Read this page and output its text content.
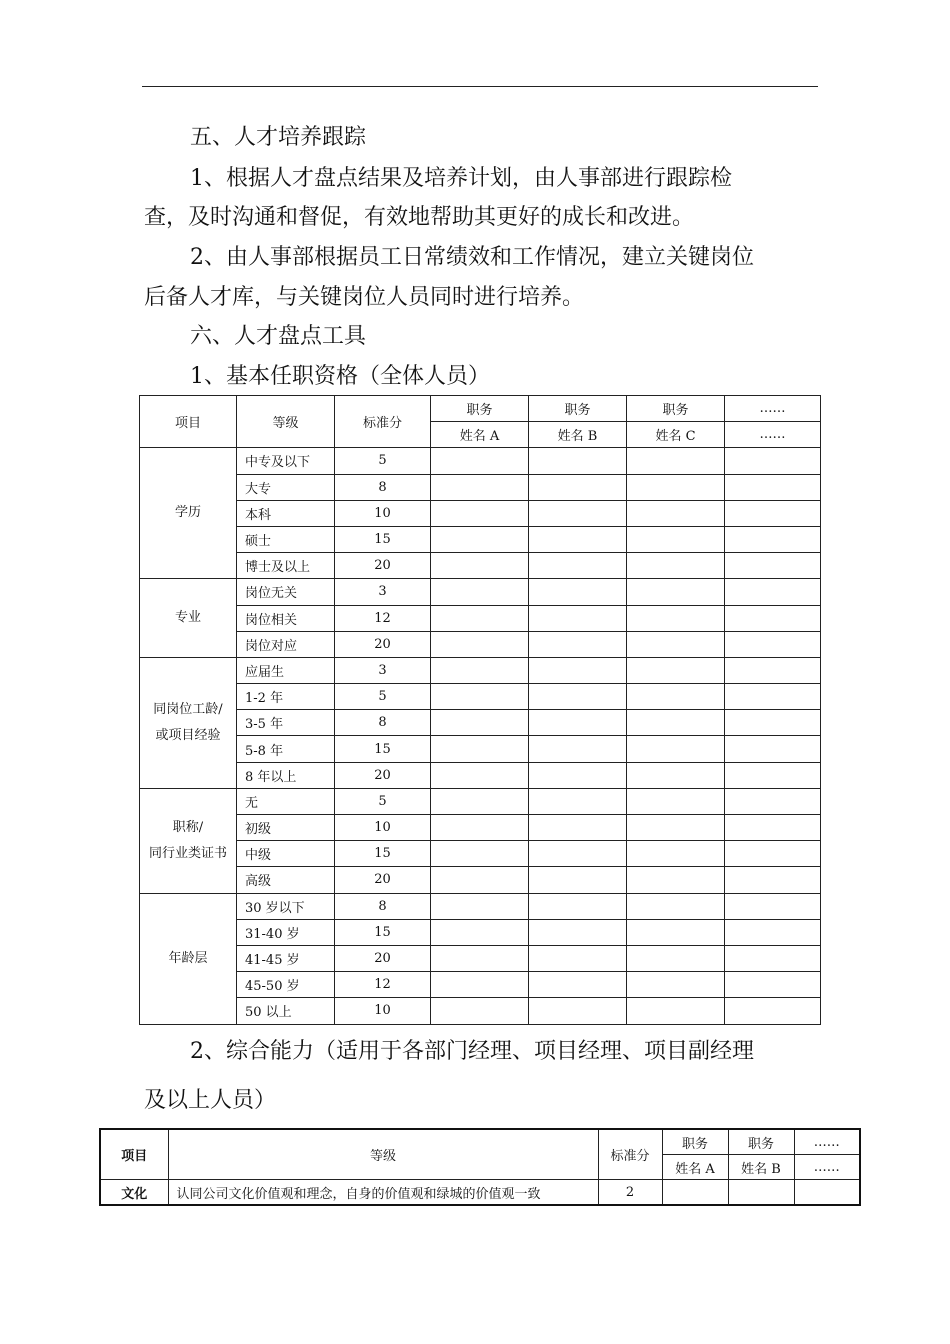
五、人才培养跟踪
1、根据人才盘点结果及培养计划，由人事部进行跟踪检
查，及时沟通和督促，有效地帮助其更好的成长和改进。
2、由人事部根据员工日常绩效和工作情况，建立关键岗位
后备人才库，与关键岗位人员同时进行培养。
六、人才盘点工具
1、基本任职资格（全体人员）
项目	等级	标准分	职务	职务	职务	……
			姓名 A	姓名 B	姓名 C	……
学历	中专及以下	5				
	大专	8				
	本科	10				
	硕士	15				
	博士及以上	20				
专业	岗位无关	3				
	岗位相关	12				
	岗位对应	20				
同岗位工龄/
或项目经验	应届生	3				
	1-2 年	5				
	3-5 年	8				
	5-8 年	15				
	8 年以上	20				
职称/
同行业类证书	无	5				
	初级	10				
	中级	15				
	高级	20				
年龄层	30 岁以下	8				
	31-40 岁	15				
	41-45 岁	20				
	45-50 岁	12				
	50 以上	10				
2、综合能力（适用于各部门经理、项目经理、项目副经理
及以上人员）
项目	等级	标准分	职务	职务	……
			姓名 A	姓名 B	……
文化	认同公司文化价值观和理念，自身的价值观和绿城的价值观一致	2			
